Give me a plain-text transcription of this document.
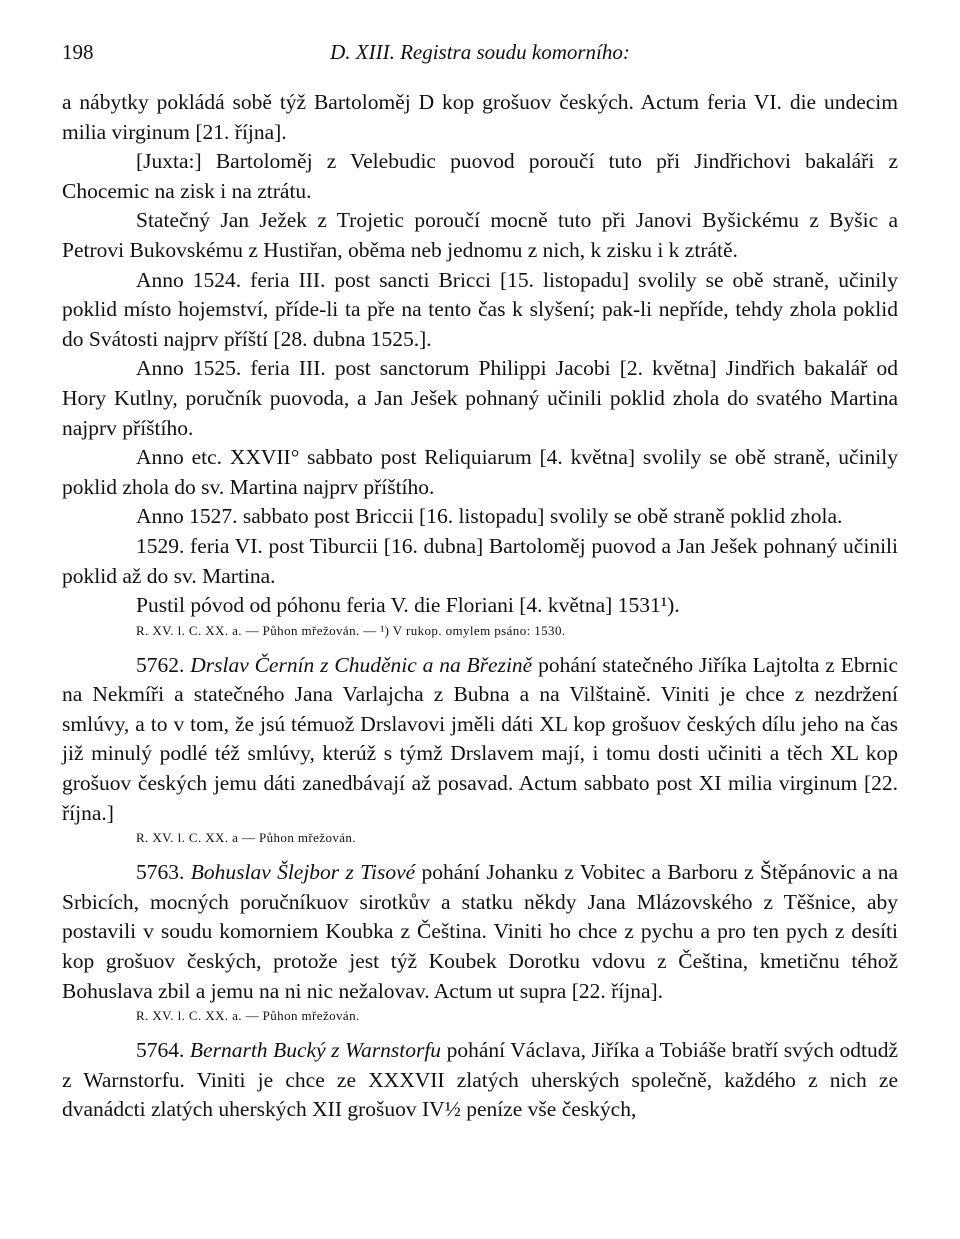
198	D. XIII. Registra soudu komorního:

a nábytky pokládá sobě týž Bartoloměj D kop grošuov českých. Actum feria VI. die undecim milia virginum [21. října].

[Juxta:] Bartoloměj z Velebudic puovod poroučí tuto při Jindřichovi bakaláři z Chocemic na zisk i na ztrátu.

Statečný Jan Ježek z Trojetic poroučí mocně tuto při Janovi Byšickému z Byšic a Petrovi Bukovskému z Hustiřan, oběma neb jednomu z nich, k zisku i k ztrátě.

Anno 1524. feria III. post sancti Bricci [15. listopadu] svolily se obě straně, učinily poklid místo hojemství, příde-li ta pře na tento čas k slyšení; pak-li nepříde, tehdy zhola poklid do Svátosti najprv příští [28. dubna 1525.].

Anno 1525. feria III. post sanctorum Philippi Jacobi [2. května] Jindřich bakalář od Hory Kutlny, poručník puovoda, a Jan Ješek pohnaný učinili poklid zhola do svatého Martina najprv příštího.

Anno etc. XXVII° sabbato post Reliquiarum [4. května] svolily se obě straně, učinily poklid zhola do sv. Martina najprv příštího.

Anno 1527. sabbato post Briccii [16. listopadu] svolily se obě straně poklid zhola.

1529. feria VI. post Tiburcii [16. dubna] Bartoloměj puovod a Jan Ješek pohnaný učinili poklid až do sv. Martina.

Pustil póvod od póhonu feria V. die Floriani [4. května] 1531¹).

R. XV. l. C. XX. a. — Půhon mřežován. — ¹) V rukop. omylem psáno: 1530.

5762. Drslav Černín z Chuděnic a na Březině pohání statečného Jiříka Lajtolta z Ebrnic na Nekmíři a statečného Jana Varlajcha z Bubna a na Vilštaině. Viniti je chce z nezdržení smlúvy, a to v tom, že jsú témuož Drslavovi jměli dáti XL kop grošuov českých dílu jeho na čas již minulý podlé též smlúvy, kterúž s týmž Drslavem mají, i tomu dosti učiniti a těch XL kop grošuov českých jemu dáti zanedbávají až posavad. Actum sabbato post XI milia virginum [22. října.]

R. XV. l. C. XX. a — Půhon mřežován.

5763. Bohuslav Šlejbor z Tisové pohání Johanku z Vobitec a Barboru z Štěpánovic a na Srbicích, mocných poručníkuov sirotkův a statku někdy Jana Mlázovského z Těšnice, aby postavili v soudu komorniem Koubka z Čeština. Viniti ho chce z pychu a pro ten pych z desíti kop grošuov českých, protože jest týž Koubek Dorotku vdovu z Čeština, kmetičnu téhož Bohuslava zbil a jemu na ni nic nežalovav. Actum ut supra [22. října].

R. XV. l. C. XX. a. — Půhon mřežován.

5764. Bernarth Bucký z Warnstorfu pohání Václava, Jiříka a Tobiáše bratří svých odtudž z Warnstorfu. Viniti je chce ze XXXVII zlatých uherských společně, každého z nich ze dvanádcti zlatých uherských XII grošuov IV½ peníze vše českých,
